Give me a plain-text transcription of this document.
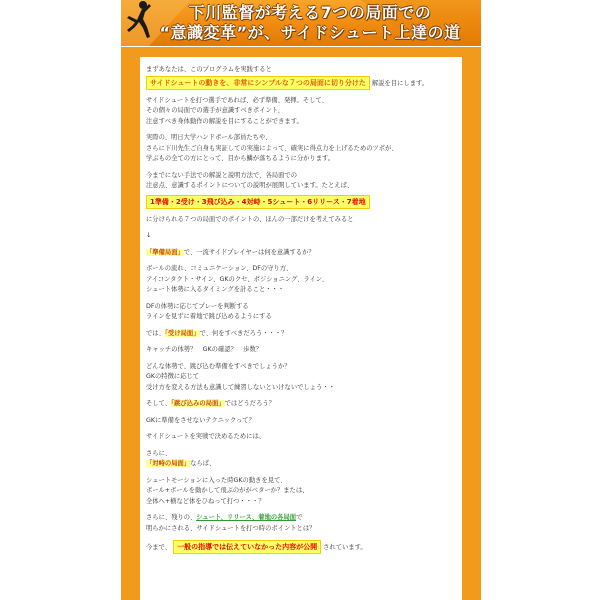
下川監督が考える7つの局面での
“意識変革”が、サイドシュート上達の道

まずあなたは、このプログラムを実践すると
サイドシュートの動きを、非常にシンプルな７つの局面に切り分けた 解説を目にします。

サイドシュートを打つ選手であれば、必ず準備、発揮。そして、
その個々の局面での選手が意識すべきポイント、
注意すべき身体動作の解説を目にすることができます。

実際の、明日大学ハンドボール部員たちや、
さらに下川先生ご自身も実証しての実施によって、確実に得点力を上げるためのツボが、
学ぶもの全ての方にとって、目から鱗が落ちるように分かります。

今までにない手法での解説と説明方法で、各局面での
注意点、意識するポイントについての説明が展開しています。たとえば、
1準備・2受け・3飛び込み・4対峙・5シュート・6リリース・7着地

に分けられる７つの局面でのポイントの、ほんの一部だけを考えてみると
↓

「準備局面」で、一流サイドプレイヤーは何を意識するか？

ボールの流れ、コミュニケーション、DFの守り方、
アイコンタクト・サイン、GKのクセ、ポジショニング、ライン、
シュート体勢に入るタイミングを計ること・・・

DFの体勢に応じてプレーを判断する
ラインを見ずに着地で跳び込めるようにする

では、「受け局面」で、何をすべきだろう・・・？

キャッチの体勢？　GKの確認？　歩数？

どんな体勢で、跳び込む準備をすべきでしょうか？
GKの特徴に応じて
受け方を変える方法も意識して練習しないといけないでしょう・・

そして、「跳び込みの局面」ではどうだろう？

GKに準備をさせないテクニックって？

サイドシュートを実戦で決めるためには、

さらに、
「対峙の局面」ならば、

シュートモーションに入った時GKの動きを見て、
ボール+ボールを動かして飛ぶのががベターか？または、
全体へ+横など体をひねって打つ・・・？

さらに、残りの、シュート、リリース、着地の各局面で
明らかにされる、サイドシュートを打つ時のポイントとは？

今まで、 一般の指導では伝えていなかった内容が公開 されています。
